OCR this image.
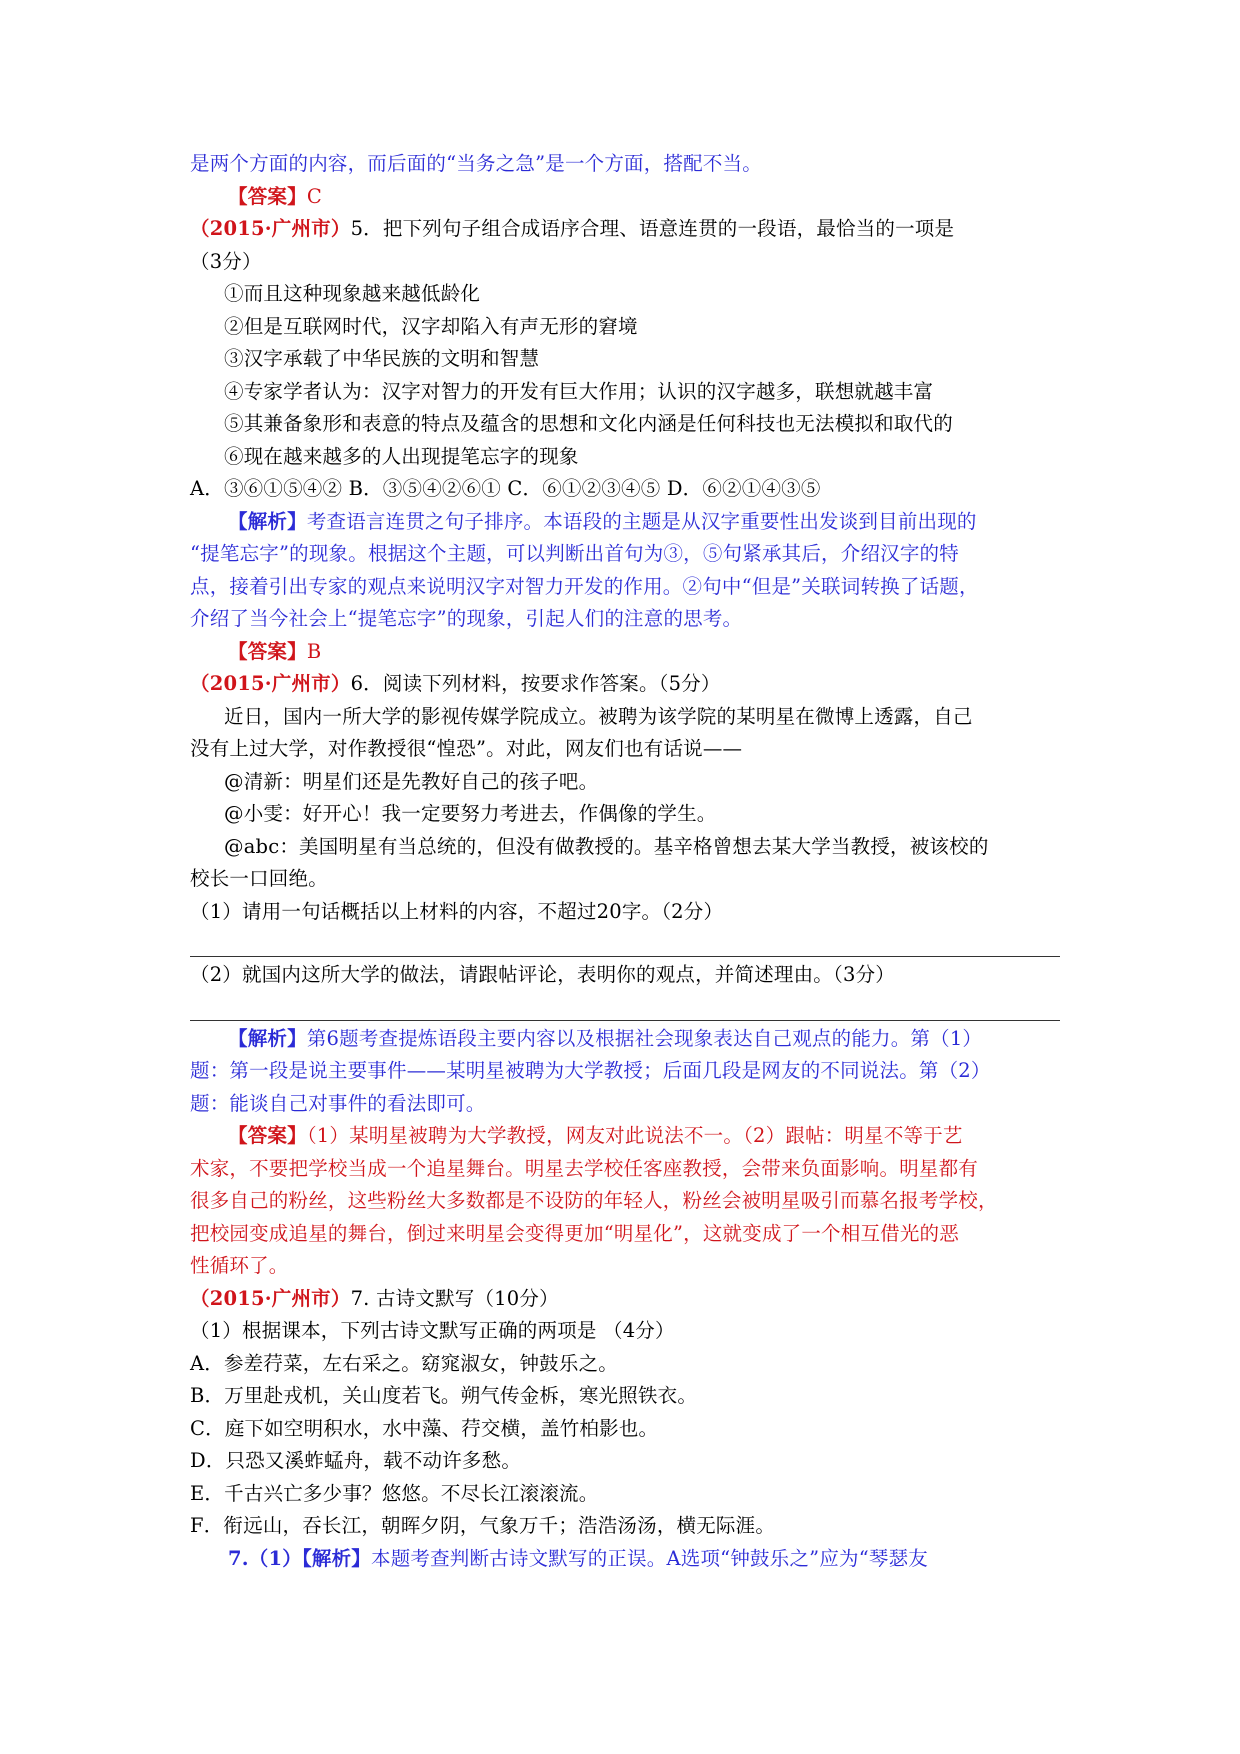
是两个方面的内容，而后面的“当务之急”是一个方面，搭配不当。
【答案】C
（2015·广州市）5．把下列句子组合成语序合理、语意连贯的一段语，最恰当的一项是
（3分）
①而且这种现象越来越低龄化
②但是互联网时代，汉字却陷入有声无形的窘境
③汉字承载了中华民族的文明和智慧
④专家学者认为：汉字对智力的开发有巨大作用；认识的汉字越多，联想就越丰富
⑤其兼备象形和表意的特点及蕴含的思想和文化内涵是任何科技也无法模拟和取代的
⑥现在越来越多的人出现提笔忘字的现象
A．③⑥①⑤④② B．③⑤④②⑥① C．⑥①②③④⑤ D．⑥②①④③⑤
【解析】考查语言连贯之句子排序。本语段的主题是从汉字重要性出发谈到目前出现的
“提笔忘字”的现象。根据这个主题，可以判断出首句为③，⑤句紧承其后，介绍汉字的特
点，接着引出专家的观点来说明汉字对智力开发的作用。②句中“但是”关联词转换了话题，
介绍了当今社会上“提笔忘字”的现象，引起人们的注意的思考。
【答案】B
（2015·广州市）6．阅读下列材料，按要求作答案。（5分）
近日，国内一所大学的影视传媒学院成立。被聘为该学院的某明星在微博上透露，自己
没有上过大学，对作教授很“惶恐”。对此，网友们也有话说——
@清新：明星们还是先教好自己的孩子吧。
@小雯：好开心！我一定要努力考进去，作偶像的学生。
@abc：美国明星有当总统的，但没有做教授的。基辛格曾想去某大学当教授，被该校的
校长一口回绝。
（1）请用一句话概括以上材料的内容，不超过20字。（2分）
（2）就国内这所大学的做法，请跟帖评论，表明你的观点，并简述理由。（3分）
【解析】第6题考查提炼语段主要内容以及根据社会现象表达自己观点的能力。第（1）
题：第一段是说主要事件——某明星被聘为大学教授；后面几段是网友的不同说法。第（2）
题：能谈自己对事件的看法即可。
【答案】（1）某明星被聘为大学教授，网友对此说法不一。（2）跟帖：明星不等于艺
术家，不要把学校当成一个追星舞台。明星去学校任客座教授，会带来负面影响。明星都有
很多自己的粉丝，这些粉丝大多数都是不设防的年轻人，粉丝会被明星吸引而慕名报考学校，
把校园变成追星的舞台，倒过来明星会变得更加“明星化”，这就变成了一个相互借光的恶
性循环了。
（2015·广州市）7. 古诗文默写（10分）
（1）根据课本，下列古诗文默写正确的两项是 （4分）
A．参差荇菜，左右采之。窈窕淑女，钟鼓乐之。
B．万里赴戎机，关山度若飞。朔气传金柝，寒光照铁衣。
C．庭下如空明积水，水中藻、荇交横，盖竹柏影也。
D．只恐又溪蚱蜢舟，载不动许多愁。
E．千古兴亡多少事？悠悠。不尽长江滚滚流。
F．衔远山，吞长江，朝晖夕阴，气象万千；浩浩汤汤，横无际涯。
7.（1）【解析】本题考查判断古诗文默写的正误。A选项“钟鼓乐之”应为“琴瑟友
